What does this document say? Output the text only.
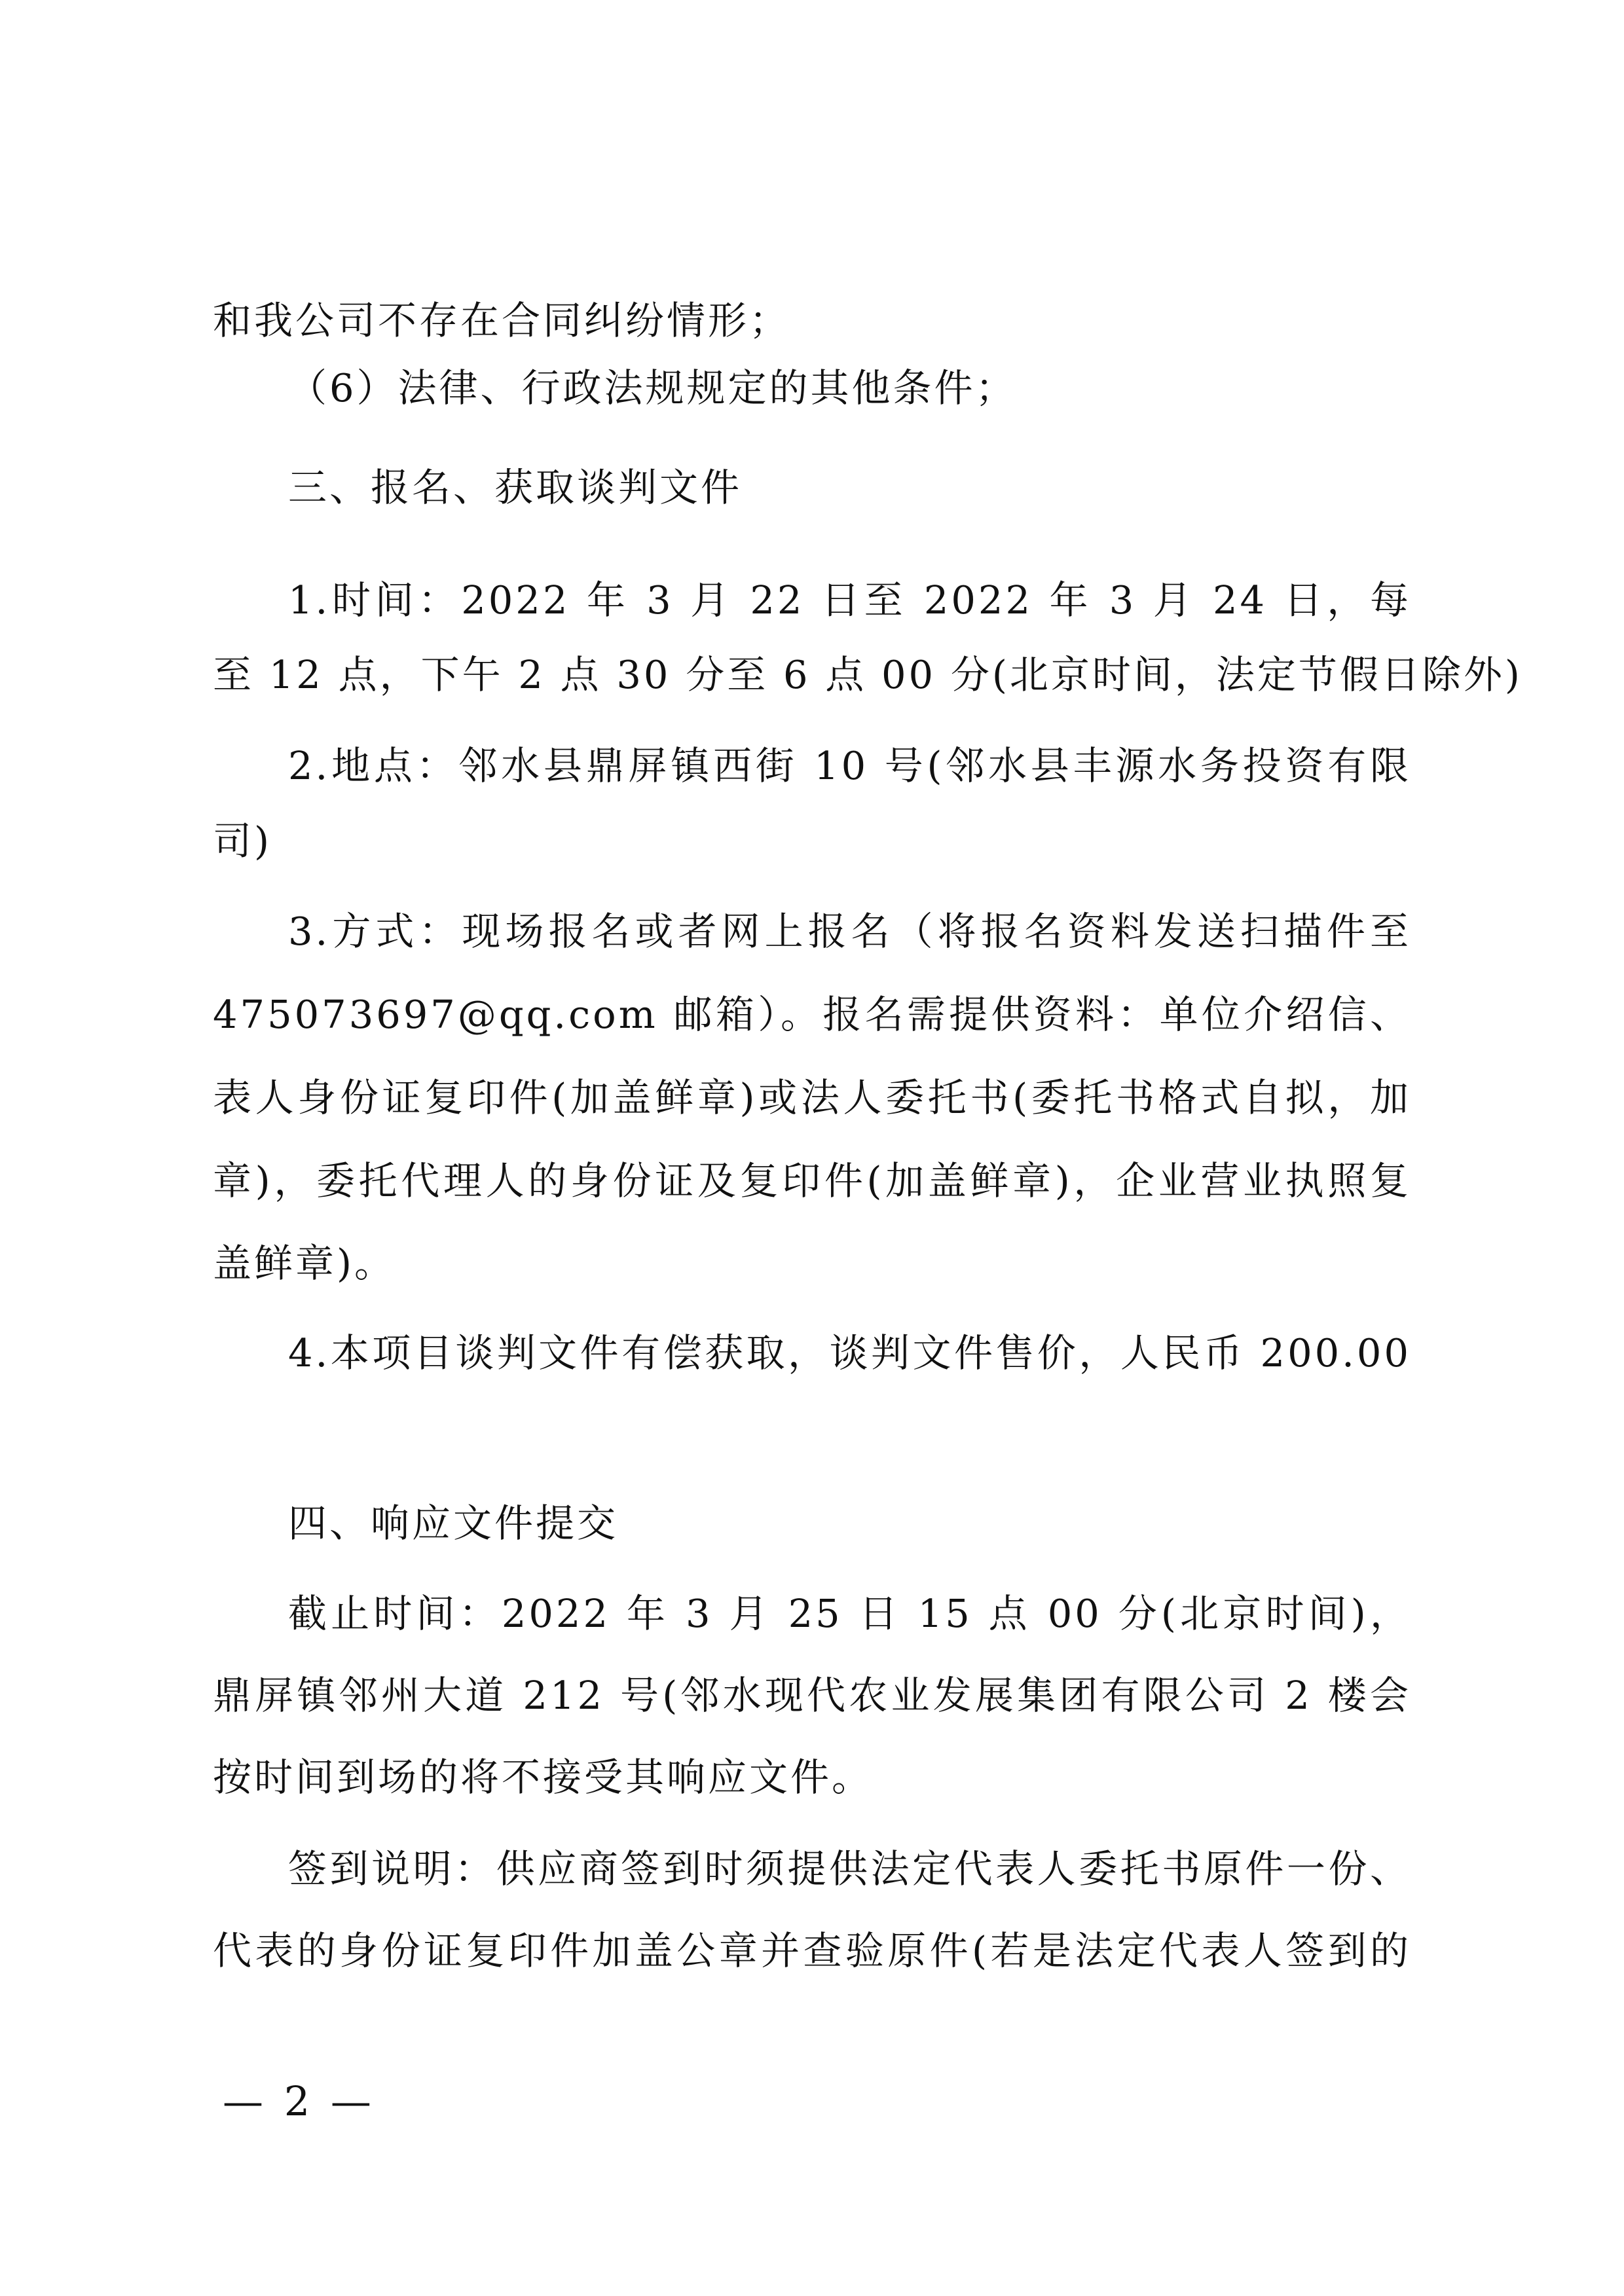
和我公司不存在合同纠纷情形；
（6）法律、行政法规规定的其他条件；
三、报名、获取谈判文件
1.时间：2022 年 3 月 22 日至 2022 年 3 月 24 日，每
至 12 点，下午 2 点 30 分至 6 点 00 分(北京时间，法定节假日除外)
2.地点：邻水县鼎屏镇西街 10 号(邻水县丰源水务投资有限
司)
3.方式：现场报名或者网上报名（将报名资料发送扫描件至
475073697@qq.com 邮箱）。报名需提供资料：单位介绍信、
表人身份证复印件(加盖鲜章)或法人委托书(委托书格式自拟，加
章)，委托代理人的身份证及复印件(加盖鲜章)，企业营业执照复
盖鲜章)。
4.本项目谈判文件有偿获取，谈判文件售价，人民币 200.00
四、响应文件提交
截止时间：2022 年 3 月 25 日 15 点 00 分(北京时间)，
鼎屏镇邻州大道 212 号(邻水现代农业发展集团有限公司 2 楼会
按时间到场的将不接受其响应文件。
签到说明：供应商签到时须提供法定代表人委托书原件一份、
代表的身份证复印件加盖公章并查验原件(若是法定代表人签到的
— 2 —
